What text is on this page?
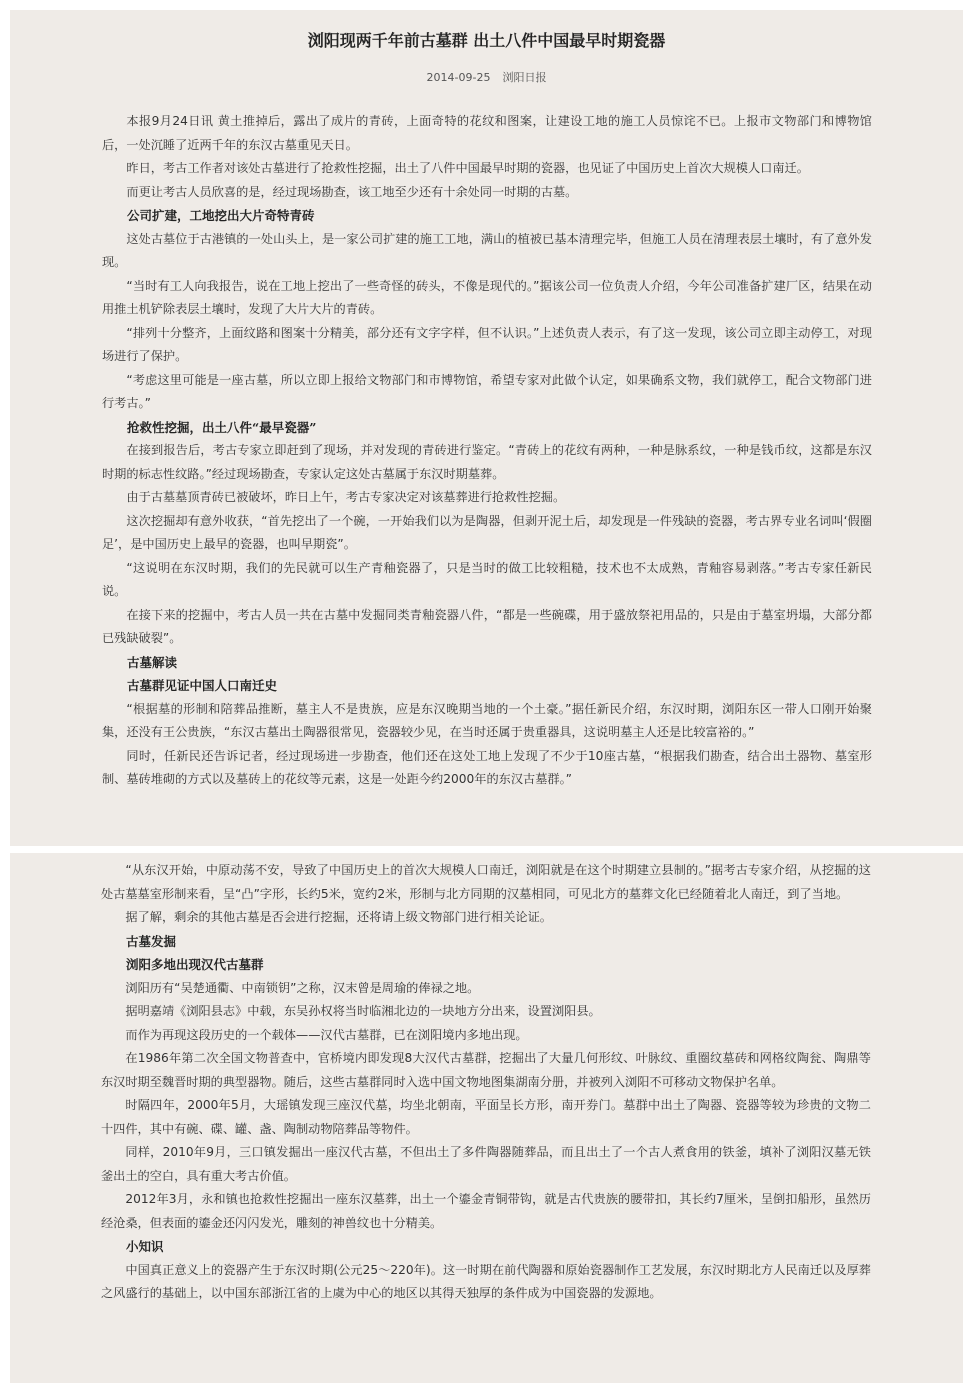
浏阳现两千年前古墓群 出土八件中国最早时期瓷器
2014-09-25 浏阳日报

本报9月24日讯 黄土推掉后，露出了成片的青砖，上面奇特的花纹和图案，让建设工地的施工人员惊诧不已。上报市文物部门和博物馆后，一处沉睡了近两千年的东汉古墓重见天日。

昨日，考古工作者对该处古墓进行了抢救性挖掘，出土了八件中国最早时期的瓷器，也见证了中国历史上首次大规模人口南迁。

而更让考古人员欣喜的是，经过现场勘查，该工地至少还有十余处同一时期的古墓。

公司扩建，工地挖出大片奇特青砖

这处古墓位于古港镇的一处山头上，是一家公司扩建的施工工地，满山的植被已基本清理完毕，但施工人员在清理表层土壤时，有了意外发现。

“当时有工人向我报告，说在工地上挖出了一些奇怪的砖头，不像是现代的。”据该公司一位负责人介绍，今年公司准备扩建厂区，结果在动用推土机铲除表层土壤时，发现了大片大片的青砖。

“排列十分整齐，上面纹路和图案十分精美，部分还有文字字样，但不认识。”上述负责人表示，有了这一发现，该公司立即主动停工，对现场进行了保护。

“考虑这里可能是一座古墓，所以立即上报给文物部门和市博物馆，希望专家对此做个认定，如果确系文物，我们就停工，配合文物部门进行考古。”

抢救性挖掘，出土八件“最早瓷器”

在接到报告后，考古专家立即赶到了现场，并对发现的青砖进行鉴定。“青砖上的花纹有两种，一种是脉系纹，一种是钱币纹，这都是东汉时期的标志性纹路。”经过现场勘查，专家认定这处古墓属于东汉时期墓葬。

由于古墓墓顶青砖已被破坏，昨日上午，考古专家决定对该墓葬进行抢救性挖掘。

这次挖掘却有意外收获，“首先挖出了一个碗，一开始我们以为是陶器，但剥开泥土后，却发现是一件残缺的瓷器，考古界专业名词叫‘假圈足’，是中国历史上最早的瓷器，也叫早期瓷”。

“这说明在东汉时期，我们的先民就可以生产青釉瓷器了，只是当时的做工比较粗糙，技术也不太成熟，青釉容易剥落。”考古专家任新民说。

在接下来的挖掘中，考古人员一共在古墓中发掘同类青釉瓷器八件，“都是一些碗碟，用于盛放祭祀用品的，只是由于墓室坍塌，大部分都已残缺破裂”。

古墓解读
古墓群见证中国人口南迁史

“根据墓的形制和陪葬品推断，墓主人不是贵族，应是东汉晚期当地的一个土豪。”据任新民介绍，东汉时期，浏阳东区一带人口刚开始聚集，还没有王公贵族，“东汉古墓出土陶器很常见，瓷器较少见，在当时还属于贵重器具，这说明墓主人还是比较富裕的。”

同时，任新民还告诉记者，经过现场进一步勘查，他们还在这处工地上发现了不少于10座古墓，“根据我们勘查，结合出土器物、墓室形制、墓砖堆砌的方式以及墓砖上的花纹等元素，这是一处距今约2000年的东汉古墓群。”

“从东汉开始，中原动荡不安，导致了中国历史上的首次大规模人口南迁，浏阳就是在这个时期建立县制的。”据考古专家介绍，从挖掘的这处古墓墓室形制来看，呈“凸”字形，长约5米，宽约2米，形制与北方同期的汉墓相同，可见北方的墓葬文化已经随着北人南迁，到了当地。

据了解，剩余的其他古墓是否会进行挖掘，还将请上级文物部门进行相关论证。

古墓发掘
浏阳多地出现汉代古墓群

浏阳历有“吴楚通衢、中南锁钥”之称，汉末曾是周瑜的俸禄之地。

据明嘉靖《浏阳县志》中载，东吴孙权将当时临湘北边的一块地方分出来，设置浏阳县。

而作为再现这段历史的一个载体——汉代古墓群，已在浏阳境内多地出现。

在1986年第二次全国文物普查中，官桥境内即发现8大汉代古墓群，挖掘出了大量几何形纹、叶脉纹、重圈纹墓砖和网格纹陶瓮、陶鼎等东汉时期至魏晋时期的典型器物。随后，这些古墓群同时入选中国文物地图集湖南分册，并被列入浏阳不可移动文物保护名单。

时隔四年，2000年5月，大瑶镇发现三座汉代墓，均坐北朝南，平面呈长方形，南开券门。墓群中出土了陶器、瓷器等较为珍贵的文物二十四件，其中有碗、碟、罐、盏、陶制动物陪葬品等物件。

同样，2010年9月，三口镇发掘出一座汉代古墓，不但出土了多件陶器随葬品，而且出土了一个古人煮食用的铁釜，填补了浏阳汉墓无铁釜出土的空白，具有重大考古价值。

2012年3月，永和镇也抢救性挖掘出一座东汉墓葬，出土一个鎏金青铜带钩，就是古代贵族的腰带扣，其长约7厘米，呈倒扣船形，虽然历经沧桑，但表面的鎏金还闪闪发光，雕刻的神兽纹也十分精美。

小知识

中国真正意义上的瓷器产生于东汉时期(公元25～220年)。这一时期在前代陶器和原始瓷器制作工艺发展，东汉时期北方人民南迁以及厚葬之风盛行的基础上，以中国东部浙江省的上虞为中心的地区以其得天独厚的条件成为中国瓷器的发源地。
